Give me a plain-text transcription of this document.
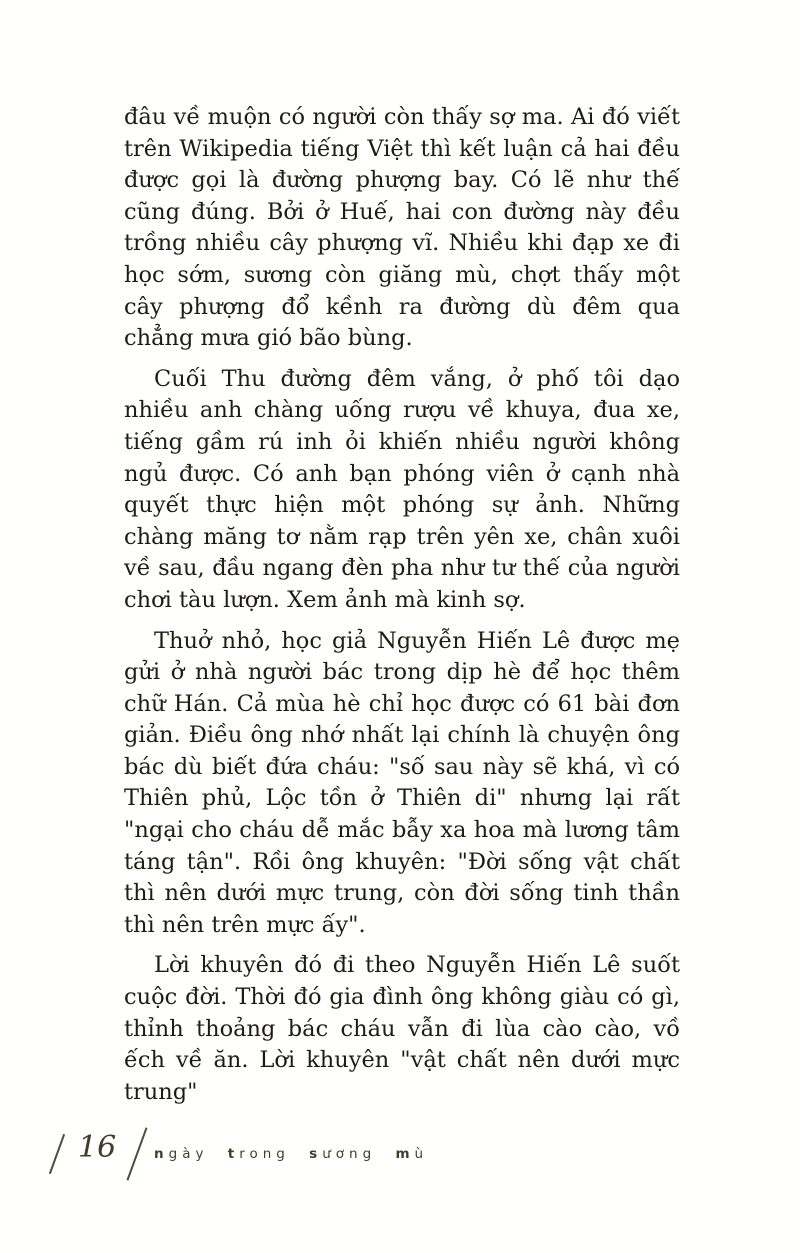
đâu về muộn có người còn thấy sợ ma. Ai đó viết trên Wikipedia tiếng Việt thì kết luận cả hai đều được gọi là đường phượng bay. Có lẽ như thế cũng đúng. Bởi ở Huế, hai con đường này đều trồng nhiều cây phượng vĩ. Nhiều khi đạp xe đi học sớm, sương còn giăng mù, chợt thấy một cây phượng đổ kềnh ra đường dù đêm qua chẳng mưa gió bão bùng.

Cuối Thu đường đêm vắng, ở phố tôi dạo nhiều anh chàng uống rượu về khuya, đua xe, tiếng gầm rú inh ỏi khiến nhiều người không ngủ được. Có anh bạn phóng viên ở cạnh nhà quyết thực hiện một phóng sự ảnh. Những chàng măng tơ nằm rạp trên yên xe, chân xuôi về sau, đầu ngang đèn pha như tư thế của người chơi tàu lượn. Xem ảnh mà kinh sợ.

Thuở nhỏ, học giả Nguyễn Hiến Lê được mẹ gửi ở nhà người bác trong dịp hè để học thêm chữ Hán. Cả mùa hè chỉ học được có 61 bài đơn giản. Điều ông nhớ nhất lại chính là chuyện ông bác dù biết đứa cháu: "số sau này sẽ khá, vì có Thiên phủ, Lộc tồn ở Thiên di" nhưng lại rất "ngại cho cháu dễ mắc bẫy xa hoa mà lương tâm táng tận". Rồi ông khuyên: "Đời sống vật chất thì nên dưới mực trung, còn đời sống tinh thần thì nên trên mực ấy".

Lời khuyên đó đi theo Nguyễn Hiến Lê suốt cuộc đời. Thời đó gia đình ông không giàu có gì, thỉnh thoảng bác cháu vẫn đi lùa cào cào, vồ ếch về ăn. Lời khuyên "vật chất nên dưới mực trung"

16	ngày trong sương mù
